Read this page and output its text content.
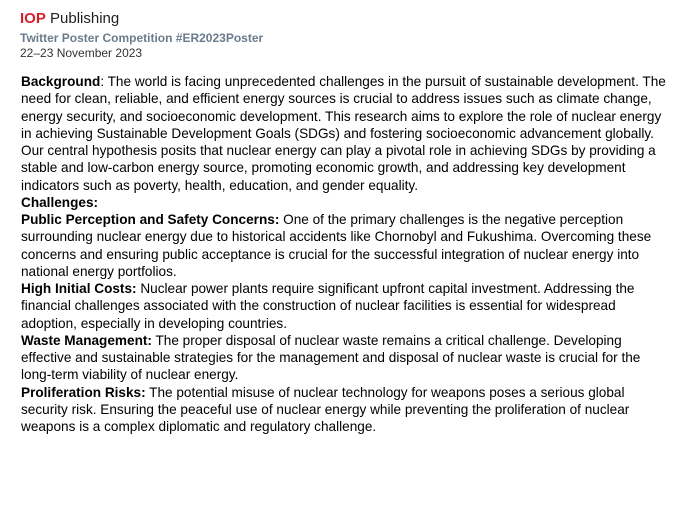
IOP Publishing
Twitter Poster Competition #ER2023Poster
22–23 November 2023

Background: The world is facing unprecedented challenges in the pursuit of sustainable development. The need for clean, reliable, and efficient energy sources is crucial to address issues such as climate change, energy security, and socioeconomic development. This research aims to explore the role of nuclear energy in achieving Sustainable Development Goals (SDGs) and fostering socioeconomic advancement globally.

Our central hypothesis posits that nuclear energy can play a pivotal role in achieving SDGs by providing a stable and low-carbon energy source, promoting economic growth, and addressing key development indicators such as poverty, health, education, and gender equality.

Challenges:

Public Perception and Safety Concerns: One of the primary challenges is the negative perception surrounding nuclear energy due to historical accidents like Chornobyl and Fukushima. Overcoming these concerns and ensuring public acceptance is crucial for the successful integration of nuclear energy into national energy portfolios.

High Initial Costs: Nuclear power plants require significant upfront capital investment. Addressing the financial challenges associated with the construction of nuclear facilities is essential for widespread adoption, especially in developing countries.

Waste Management: The proper disposal of nuclear waste remains a critical challenge. Developing effective and sustainable strategies for the management and disposal of nuclear waste is crucial for the long-term viability of nuclear energy.

Proliferation Risks: The potential misuse of nuclear technology for weapons poses a serious global security risk. Ensuring the peaceful use of nuclear energy while preventing the proliferation of nuclear weapons is a complex diplomatic and regulatory challenge.
